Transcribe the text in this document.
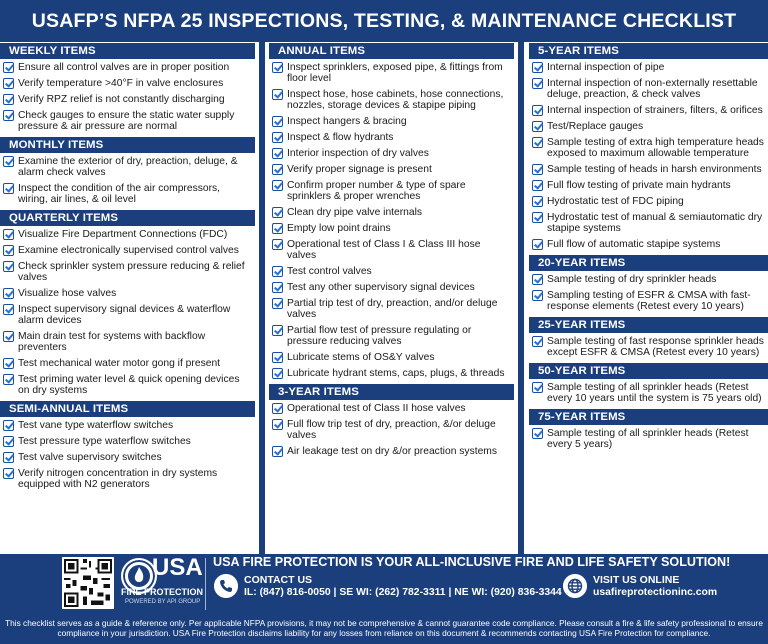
USAFP’S NFPA 25 INSPECTIONS, TESTING, & MAINTENANCE CHECKLIST
WEEKLY ITEMS
Ensure all control valves are in proper position
Verify temperature >40°F in valve enclosures
Verify RPZ relief is not constantly discharging
Check gauges to ensure the static water supply pressure & air pressure are normal
MONTHLY ITEMS
Examine the exterior of dry, preaction, deluge, & alarm check valves
Inspect the condition of the air compressors, wiring, air lines, & oil level
QUARTERLY ITEMS
Visualize Fire Department Connections (FDC)
Examine electronically supervised control valves
Check sprinkler system pressure reducing & relief valves
Visualize hose valves
Inspect supervisory signal devices & waterflow alarm devices
Main drain test for systems with backflow preventers
Test mechanical water motor gong if present
Test priming water level & quick opening devices on dry systems
SEMI-ANNUAL ITEMS
Test vane type waterflow switches
Test pressure type waterflow switches
Test valve supervisory switches
Verify nitrogen concentration in dry systems equipped with N2 generators
ANNUAL ITEMS
Inspect sprinklers, exposed pipe, & fittings from floor level
Inspect hose, hose cabinets, hose connections, nozzles, storage devices & stapipe piping
Inspect hangers & bracing
Inspect & flow hydrants
Interior inspection of dry valves
Verify proper signage is present
Confirm proper number & type of spare sprinklers & proper wrenches
Clean dry pipe valve internals
Empty low point drains
Operational test of Class I & Class III hose valves
Test control valves
Test any other supervisory signal devices
Partial trip test of dry, preaction, and/or deluge valves
Partial flow test of pressure regulating or pressure reducing valves
Lubricate stems of OS&Y valves
Lubricate hydrant stems, caps, plugs, & threads
3-YEAR ITEMS
Operational test of Class II hose valves
Full flow trip test of dry, preaction, &/or deluge valves
Air leakage test on dry &/or preaction systems
5-YEAR ITEMS
Internal inspection of pipe
Internal inspection of non-externally resettable deluge, preaction, & check valves
Internal inspection of strainers, filters, & orifices
Test/Replace gauges
Sample testing of extra high temperature heads exposed to maximum allowable temperature
Sample testing of heads in harsh environments
Full flow testing of private main hydrants
Hydrostatic test of FDC piping
Hydrostatic test of manual & semiautomatic dry stapipe systems
Full flow of automatic stapipe systems
20-YEAR ITEMS
Sample testing of dry sprinkler heads
Sampling testing of ESFR & CMSA with fast-response elements (Retest every 10 years)
25-YEAR ITEMS
Sample testing of fast response sprinkler heads except ESFR & CMSA (Retest every 10 years)
50-YEAR ITEMS
Sample testing of all sprinkler heads (Retest every 10 years until the system is 75 years old)
75-YEAR ITEMS
Sample testing of all sprinkler heads (Retest every 5 years)
USA
FIRE PROTECTION
POWERED BY API GROUP
USA FIRE PROTECTION IS YOUR ALL-INCLUSIVE FIRE AND LIFE SAFETY SOLUTION!
CONTACT US
IL: (847) 816-0050 | SE WI: (262) 782-3311 | NE WI: (920) 836-3344
VISIT US ONLINE
usafireprotectioninc.com
This checklist serves as a guide & reference only. Per applicable NFPA provisions, it may not be comprehensive & cannot guarantee code compliance. Please consult a fire & life safety professional to ensure compliance in your jurisdiction. USA Fire Protection disclaims liability for any losses from reliance on this document & recommends contacting USA Fire Protection for compliance.
